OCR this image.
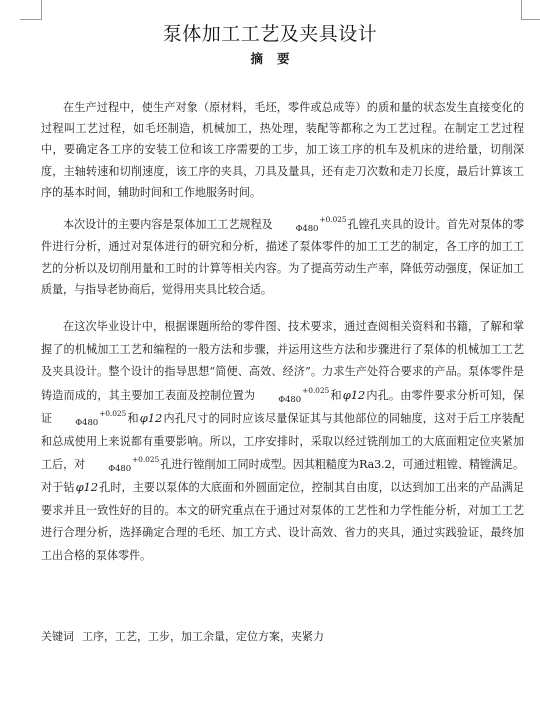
泵体加工工艺及夹具设计
摘要

在生产过程中，使生产对象（原材料，毛坯，零件或总成等）的质和量的状态发生直接变化的过程叫工艺过程，如毛坯制造，机械加工，热处理，装配等都称之为工艺过程。在制定工艺过程中，要确定各工序的安装工位和该工序需要的工步，加工该工序的机车及机床的进给量，切削深度，主轴转速和切削速度，该工序的夹具，刀具及量具，还有走刀次数和走刀长度，最后计算该工序的基本时间，辅助时间和工作地服务时间。

本次设计的主要内容是泵体加工工艺规程及	Φ480+0.025孔镗孔夹具的设计。首先对泵体的零件进行分析，通过对泵体进行的研究和分析，描述了泵体零件的加工工艺的制定，各工序的加工工艺的分析以及切削用量和工时的计算等相关内容。为了提高劳动生产率，降低劳动强度，保证加工质量，与指导老协商后，觉得用夹具比较合适。

在这次毕业设计中，根据课题所给的零件图、技术要求，通过查阅相关资料和书籍，了解和掌握了的机械加工工艺和编程的一般方法和步骤，并运用这些方法和步骤进行了泵体的机械加工工艺及夹具设计。整个设计的指导思想“简便、高效、经济”。力求生产处符合要求的产品。泵体零件是铸造而成的，其主要加工表面及控制位置为	Φ480+0.025和φ12内孔。由零件要求分析可知，保证	Φ480+0.025和φ12内孔尺寸的同时应该尽量保证其与其他部位的同轴度，这对于后工序装配和总成使用上来说都有重要影响。所以，工序安排时，采取以经过铣削加工的大底面粗定位夹紧加工后，对	Φ480+0.025孔进行镗削加工同时成型。因其粗糙度为Ra3.2，可通过粗镗、精镗满足。对于钻φ12孔时，主要以泵体的大底面和外圆面定位，控制其自由度，以达到加工出来的产品满足要求并且一致性好的目的。本文的研究重点在于通过对泵体的工艺性和力学性能分析，对加工工艺进行合理分析，选择确定合理的毛坯、加工方式、设计高效、省力的夹具，通过实践验证，最终加工出合格的泵体零件。

关键词 工序，工艺，工步，加工余量，定位方案，夹紧力
